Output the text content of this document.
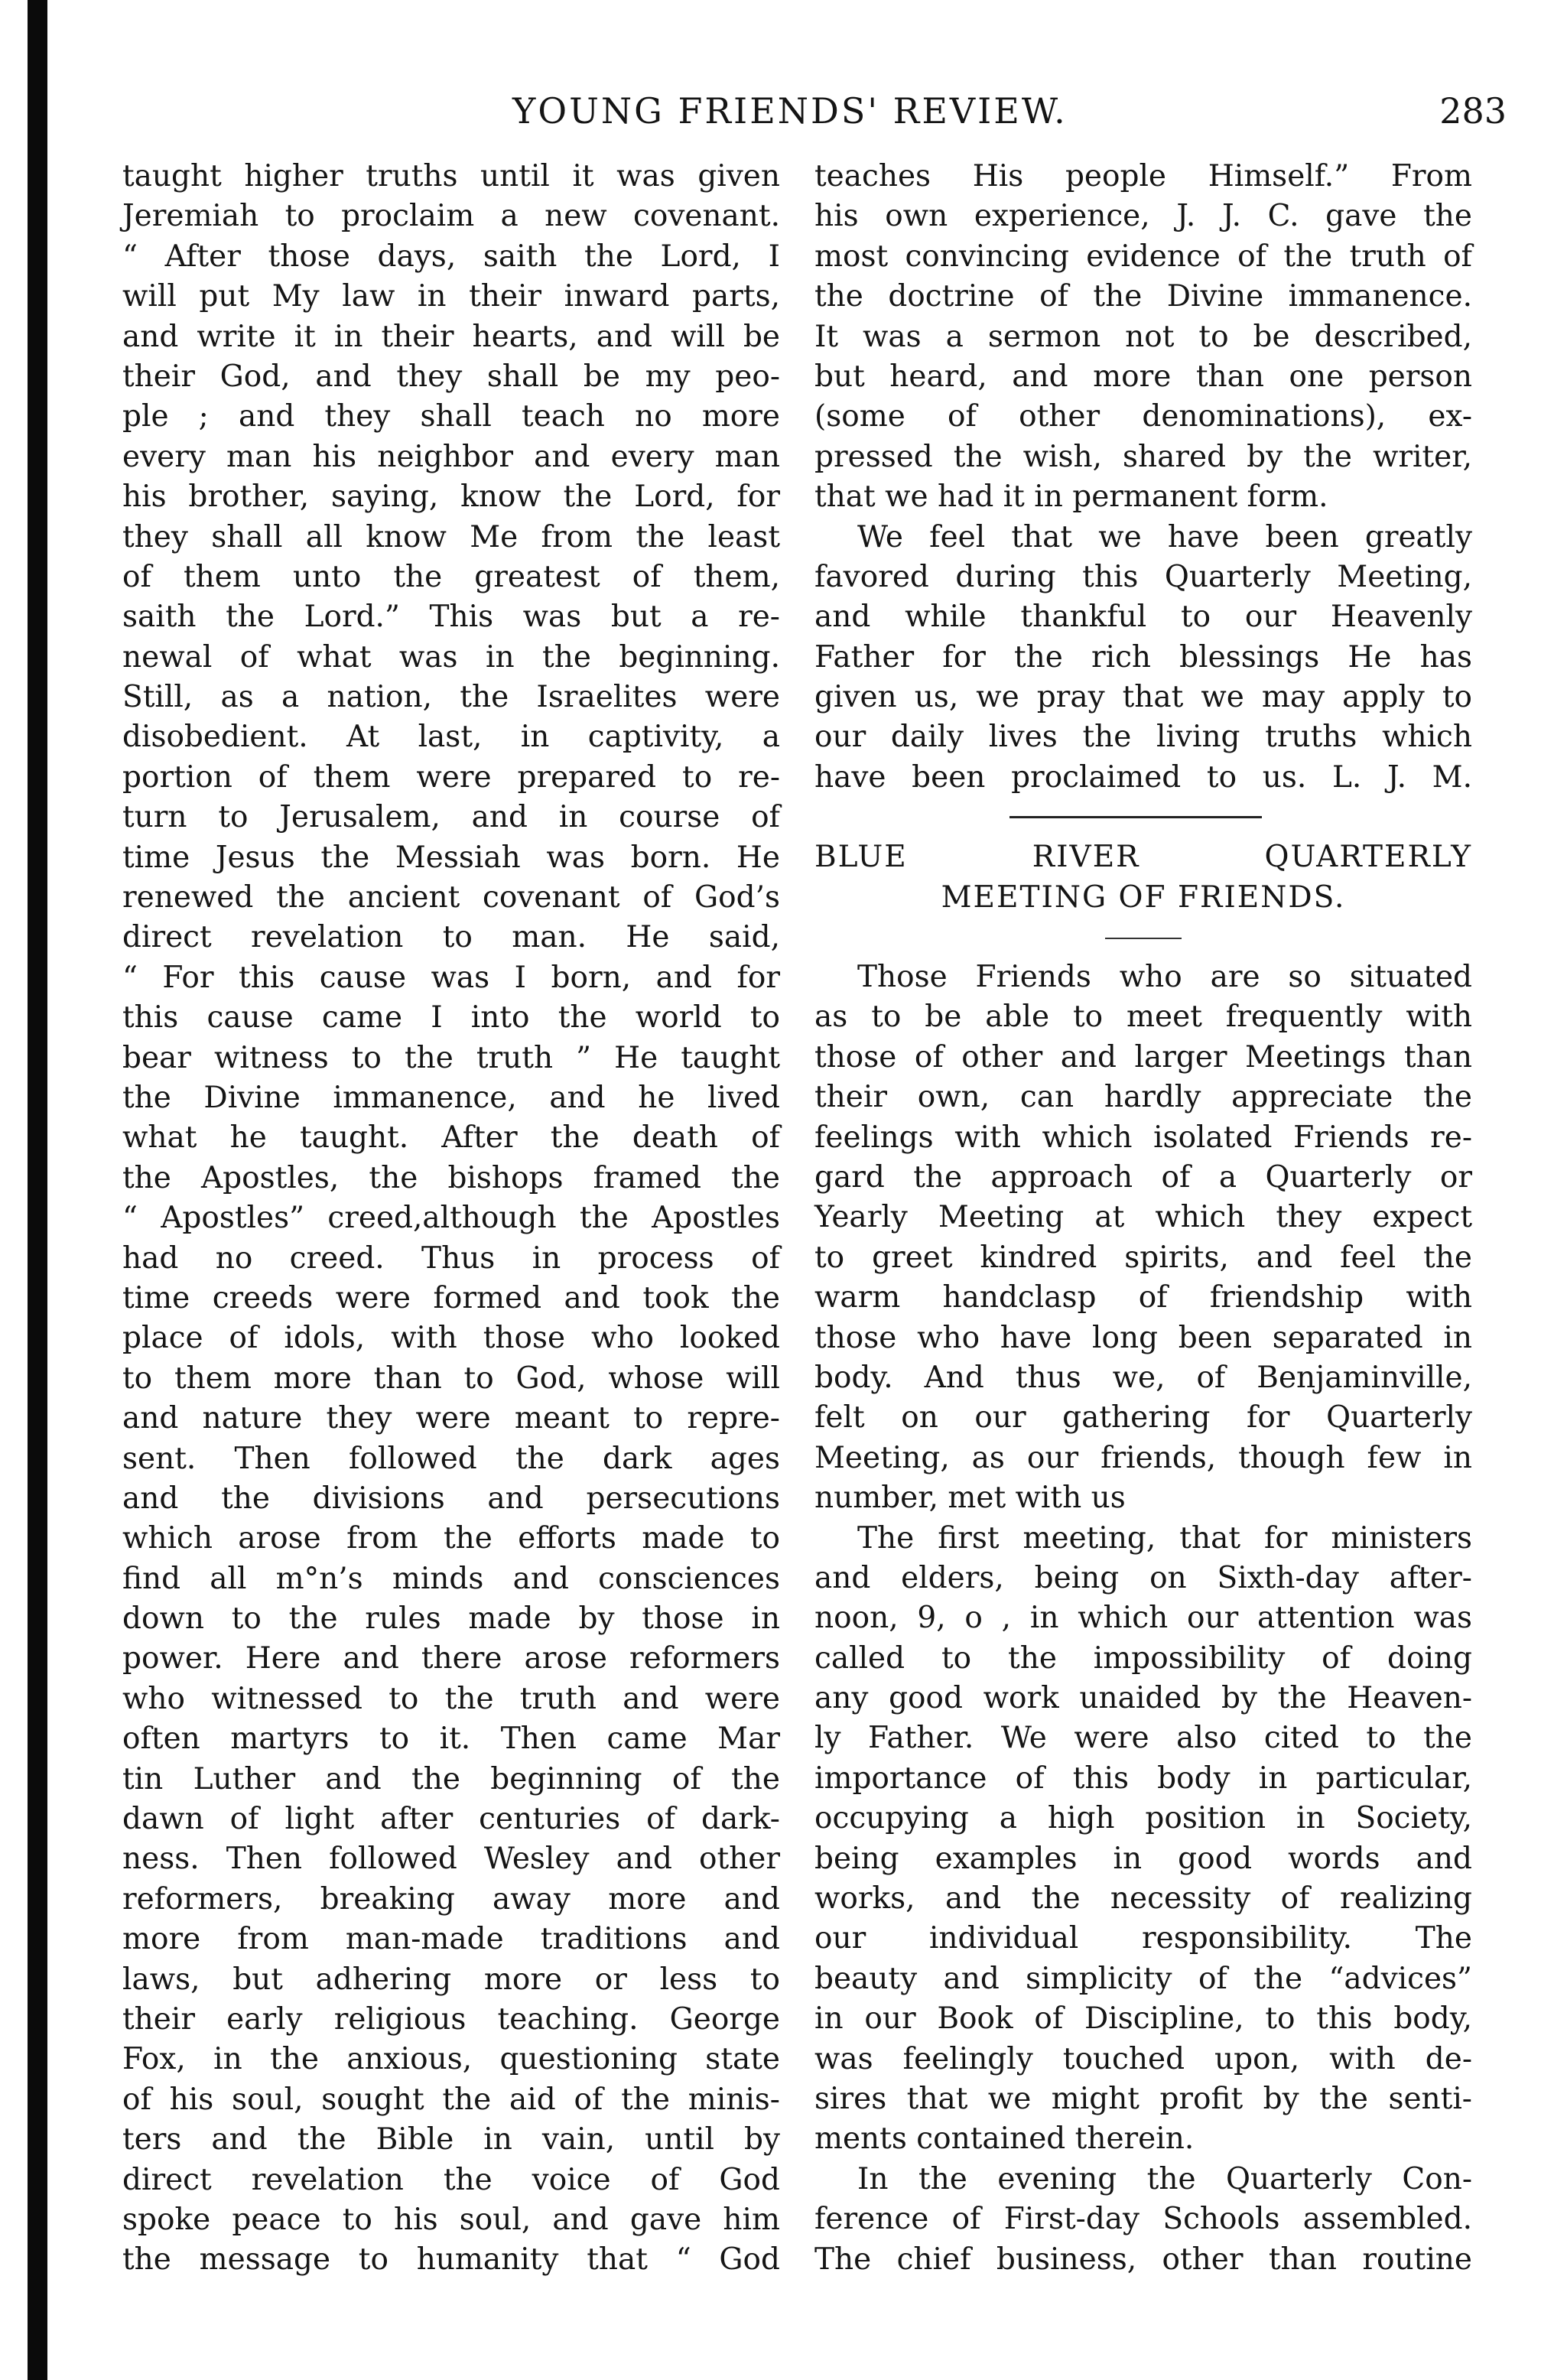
YOUNG FRIENDS' REVIEW.	283
taught higher truths until it was given
Jeremiah to proclaim a new covenant.
“ After those days, saith the Lord, I
will put My law in their inward parts,
and write it in their hearts, and will be
their God, and they shall be my peo-
ple ; and they shall teach no more
every man his neighbor and every man
his brother, saying, know the Lord, for
they shall all know Me from the least
of them unto the greatest of them,
saith the Lord.” This was but a re-
newal of what was in the beginning.
Still, as a nation, the Israelites were
disobedient. At last, in captivity, a
portion of them were prepared to re-
turn to Jerusalem, and in course of
time Jesus the Messiah was born. He
renewed the ancient covenant of God’s
direct revelation to man. He said,
“ For this cause was I born, and for
this cause came I into the world to
bear witness to the truth ” He taught
the Divine immanence, and he lived
what he taught. After the death of
the Apostles, the bishops framed the
“ Apostles” creed,although the Apostles
had no creed. Thus in process of
time creeds were formed and took the
place of idols, with those who looked
to them more than to God, whose will
and nature they were meant to repre-
sent. Then followed the dark ages
and the divisions and persecutions
which arose from the efforts made to
find all m°n’s minds and consciences
down to the rules made by those in
power. Here and there arose reformers
who witnessed to the truth and were
often martyrs to it. Then came Mar
tin Luther and the beginning of the
dawn of light after centuries of dark-
ness. Then followed Wesley and other
reformers, breaking away more and
more from man-made traditions and
laws, but adhering more or less to
their early religious teaching. George
Fox, in the anxious, questioning state
of his soul, sought the aid of the minis-
ters and the Bible in vain, until by
direct revelation the voice of God
spoke peace to his soul, and gave him
the message to humanity that “ God
teaches His people Himself.” From
his own experience, J. J. C. gave the
most convincing evidence of the truth of
the doctrine of the Divine immanence.
It was a sermon not to be described,
but heard, and more than one person
(some of other denominations), ex-
pressed the wish, shared by the writer,
that we had it in permanent form.
We feel that we have been greatly
favored during this Quarterly Meeting,
and while thankful to our Heavenly
Father for the rich blessings He has
given us, we pray that we may apply to
our daily lives the living truths which
have been proclaimed to us. L. J. M.
BLUE RIVER QUARTERLY
MEETING OF FRIENDS.
Those Friends who are so situated
as to be able to meet frequently with
those of other and larger Meetings than
their own, can hardly appreciate the
feelings with which isolated Friends re-
gard the approach of a Quarterly or
Yearly Meeting at which they expect
to greet kindred spirits, and feel the
warm handclasp of friendship with
those who have long been separated in
body. And thus we, of Benjaminville,
felt on our gathering for Quarterly
Meeting, as our friends, though few in
number, met with us
The first meeting, that for ministers
and elders, being on Sixth-day after-
noon, 9, o , in which our attention was
called to the impossibility of doing
any good work unaided by the Heaven-
ly Father. We were also cited to the
importance of this body in particular,
occupying a high position in Society,
being examples in good words and
works, and the necessity of realizing
our individual responsibility. The
beauty and simplicity of the “advices”
in our Book of Discipline, to this body,
was feelingly touched upon, with de-
sires that we might profit by the senti-
ments contained therein.
In the evening the Quarterly Con-
ference of First-day Schools assembled.
The chief business, other than routine
